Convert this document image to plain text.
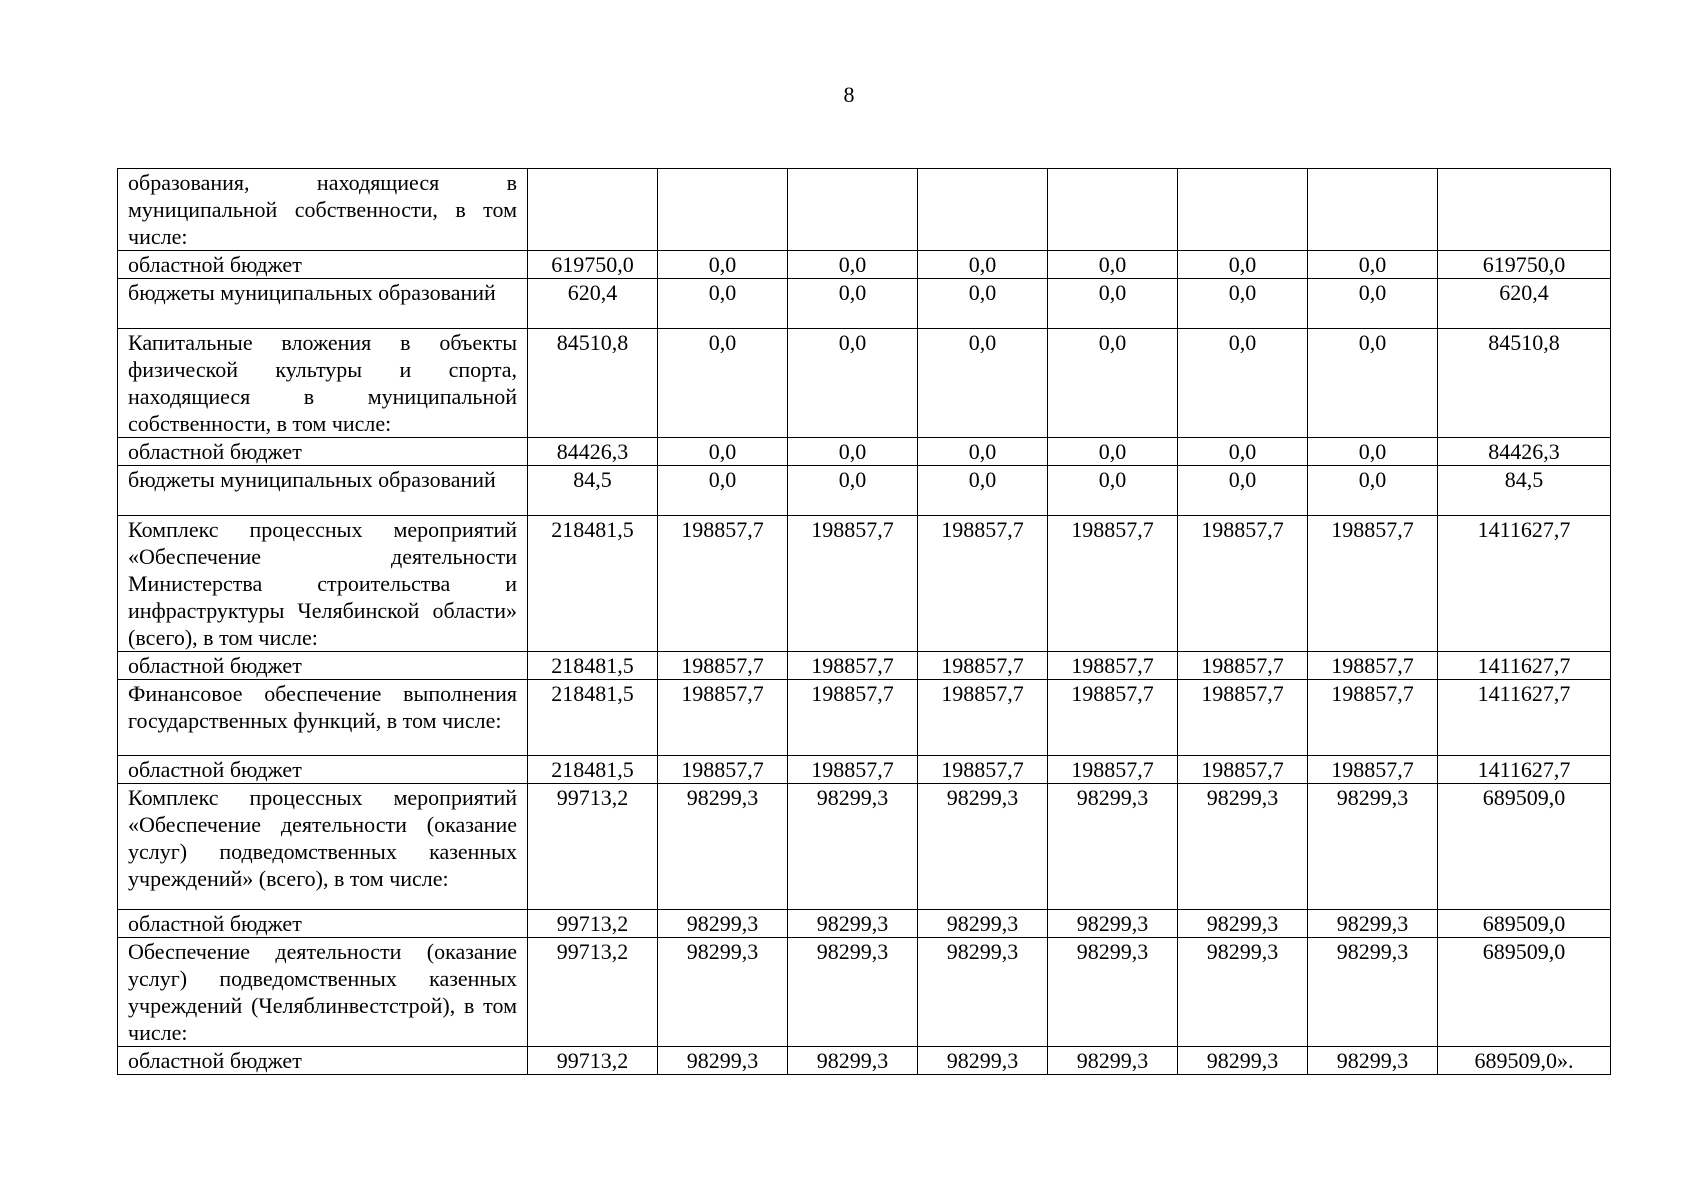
8
образования, находящиеся в муниципальной собственности, в том числе:								
областной бюджет	619750,0	0,0	0,0	0,0	0,0	0,0	0,0	619750,0
бюджеты муниципальных образований	620,4	0,0	0,0	0,0	0,0	0,0	0,0	620,4
Капитальные вложения в объекты физической культуры и спорта, находящиеся в муниципальной собственности, в том числе:	84510,8	0,0	0,0	0,0	0,0	0,0	0,0	84510,8
областной бюджет	84426,3	0,0	0,0	0,0	0,0	0,0	0,0	84426,3
бюджеты муниципальных образований	84,5	0,0	0,0	0,0	0,0	0,0	0,0	84,5
Комплекс процессных мероприятий «Обеспечение деятельности Министерства строительства и инфраструктуры Челябинской области» (всего), в том числе:	218481,5	198857,7	198857,7	198857,7	198857,7	198857,7	198857,7	1411627,7
областной бюджет	218481,5	198857,7	198857,7	198857,7	198857,7	198857,7	198857,7	1411627,7
Финансовое обеспечение выполнения государственных функций, в том числе:	218481,5	198857,7	198857,7	198857,7	198857,7	198857,7	198857,7	1411627,7
областной бюджет	218481,5	198857,7	198857,7	198857,7	198857,7	198857,7	198857,7	1411627,7
Комплекс процессных мероприятий «Обеспечение деятельности (оказание услуг) подведомственных казенных учреждений» (всего), в том числе:	99713,2	98299,3	98299,3	98299,3	98299,3	98299,3	98299,3	689509,0
областной бюджет	99713,2	98299,3	98299,3	98299,3	98299,3	98299,3	98299,3	689509,0
Обеспечение деятельности (оказание услуг) подведомственных казенных учреждений (Челяблинвестстрой), в том числе:	99713,2	98299,3	98299,3	98299,3	98299,3	98299,3	98299,3	689509,0
областной бюджет	99713,2	98299,3	98299,3	98299,3	98299,3	98299,3	98299,3	689509,0».
